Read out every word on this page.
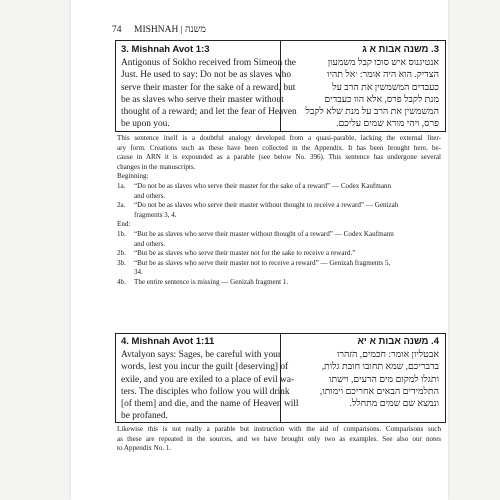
74 MISHNAH | משנה
3. Mishnah Avot 1:3
Antigonus of Sokho received from Simeon the
Just. He used to say: Do not be as slaves who
serve their master for the sake of a reward, but
be as slaves who serve their master without
thought of a reward; and let the fear of Heaven
be upon you.
3. משנה אבות א ג
אנטיגנוס איש סוכו קבל משמעון
הצדיק. הוא היה אומר: ׳אל תהיו
כעבדים המשמשין את הרב על
מנת לקבל פרס, אלא הוו כעבדים
המשמשין את הרב על מנת שלא לקבל
פרס, ויהי מורא שמים עליכם.
This sentence itself is a doubtful analogy developed from a quasi-parable, lacking the external liter-
ary form. Creations such as these have been collected in the Appendix. It has been brought here, be-
cause in ARN it is expounded as a parable (see below No. 396). This sentence has undergone several
changes in the manuscripts.
Beginning:
1a. “Do not be as slaves who serve their master for the sake of a reward” — Codex Kaufmann
and others.
2a. “Do not be as slaves who serve their master without thought to receive a reward” — Genizah
fragments 3, 4.
End:
1b. “But be as slaves who serve their master without thought of a reward” — Codex Kaufmann
and others.
2b. “But be as slaves who serve their master not for the sake to receive a reward.”
3b. “But be as slaves who serve their master not to receive a reward” — Genizah fragments 5,
34.
4b. The entire sentence is missing — Genizah fragment 1.
4. Mishnah Avot 1:11
Avtalyon says: Sages, be careful with your
words, lest you incur the guilt [deserving] of
exile, and you are exiled to a place of evil wa-
ters. The disciples who follow you will drink
[of them] and die, and the name of Heaven will
be profaned.
4. משנה אבות א יא
אבטליון אומר: חכמים, הזהרו
בדבריכם, שמא תחובו חובת גלות,
ותגלו למקום מים הרעים, וישתו
התלמידים הבאים אחריכם וימותו,
ונמצא שם שמים מתחלל.
Likewise this is not really a parable but instruction with the aid of comparisons. Comparisons such
as these are repeated in the sources, and we have brought only two as examples. See also our notes
to Appendix No. 1.
